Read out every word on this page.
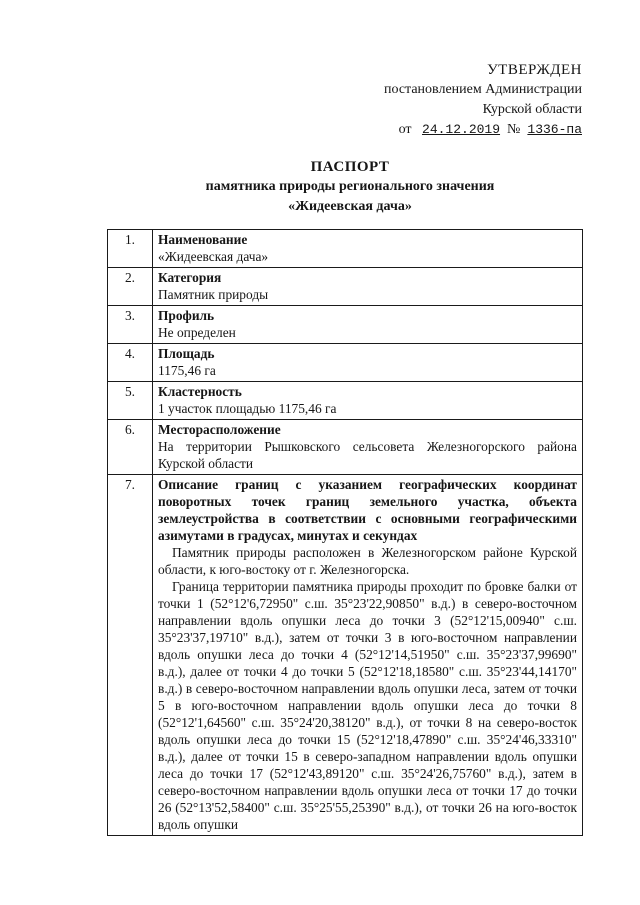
УТВЕРЖДЕН
постановлением Администрации
Курской области
от 24.12.2019 № 1336-па
ПАСПОРТ
памятника природы регионального значения
«Жидеевская дача»
1.	Наименование
«Жидеевская дача»

2.	Категория
Памятник природы

3.	Профиль
Не определен

4.	Площадь
1175,46 га

5.	Кластерность
1 участок площадью 1175,46 га

6.	Месторасположение
На территории Рышковского сельсовета Железногорского района Курской области

7.	Описание границ с указанием географических координат поворотных точек границ земельного участка, объекта землеустройства в соответствии с основными географическими азимутами в градусах, минутах и секундах
Памятник природы расположен в Железногорском районе Курской области, к юго-востоку от г. Железногорска.
Граница территории памятника природы проходит по бровке балки от точки 1 (52°12'6,72950" с.ш. 35°23'22,90850" в.д.) в северо-восточном направлении вдоль опушки леса до точки 3 (52°12'15,00940" с.ш. 35°23'37,19710" в.д.), затем от точки 3 в юго-восточном направлении вдоль опушки леса до точки 4 (52°12'14,51950" с.ш. 35°23'37,99690" в.д.), далее от точки 4 до точки 5 (52°12'18,18580" с.ш. 35°23'44,14170" в.д.) в северо-восточном направлении вдоль опушки леса, затем от точки 5 в юго-восточном направлении вдоль опушки леса до точки 8 (52°12'1,64560" с.ш. 35°24'20,38120" в.д.), от точки 8 на северо-восток вдоль опушки леса до точки 15 (52°12'18,47890" с.ш. 35°24'46,33310" в.д.), далее от точки 15 в северо-западном направлении вдоль опушки леса до точки 17 (52°12'43,89120" с.ш. 35°24'26,75760" в.д.), затем в северо-восточном направлении вдоль опушки леса от точки 17 до точки 26 (52°13'52,58400" с.ш. 35°25'55,25390" в.д.), от точки 26 на юго-восток вдоль опушки
